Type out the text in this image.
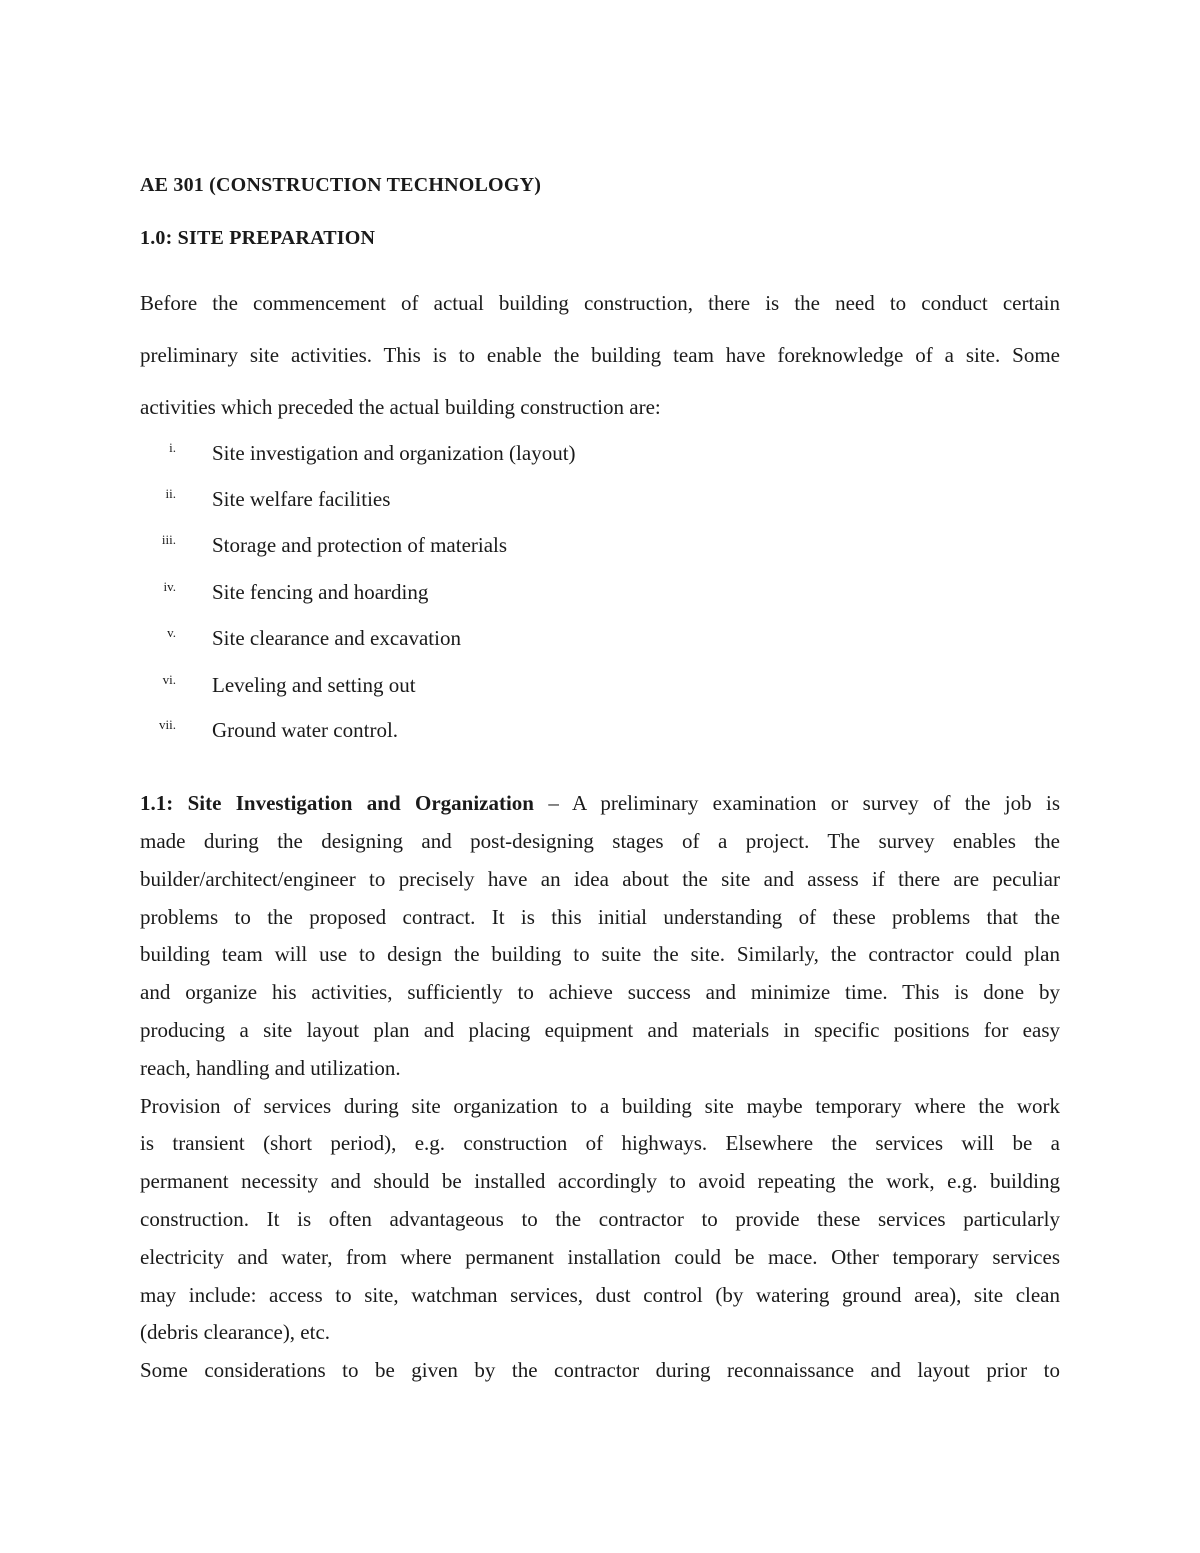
AE 301 (CONSTRUCTION TECHNOLOGY)
1.0: SITE PREPARATION
Before the commencement of actual building construction, there is the need to conduct certain
preliminary site activities. This is to enable the building team have foreknowledge of a site. Some
activities which preceded the actual building construction are:
i. Site investigation and organization (layout)
ii. Site welfare facilities
iii. Storage and protection of materials
iv. Site fencing and hoarding
v. Site clearance and excavation
vi. Leveling and setting out
vii. Ground water control.
1.1: Site Investigation and Organization – A preliminary examination or survey of the job is
made during the designing and post-designing stages of a project. The survey enables the
builder/architect/engineer to precisely have an idea about the site and assess if there are peculiar
problems to the proposed contract. It is this initial understanding of these problems that the
building team will use to design the building to suite the site. Similarly, the contractor could plan
and organize his activities, sufficiently to achieve success and minimize time. This is done by
producing a site layout plan and placing equipment and materials in specific positions for easy
reach, handling and utilization.
Provision of services during site organization to a building site maybe temporary where the work
is transient (short period), e.g. construction of highways. Elsewhere the services will be a
permanent necessity and should be installed accordingly to avoid repeating the work, e.g. building
construction. It is often advantageous to the contractor to provide these services particularly
electricity and water, from where permanent installation could be mace. Other temporary services
may include: access to site, watchman services, dust control (by watering ground area), site clean
(debris clearance), etc.
Some considerations to be given by the contractor during reconnaissance and layout prior to
